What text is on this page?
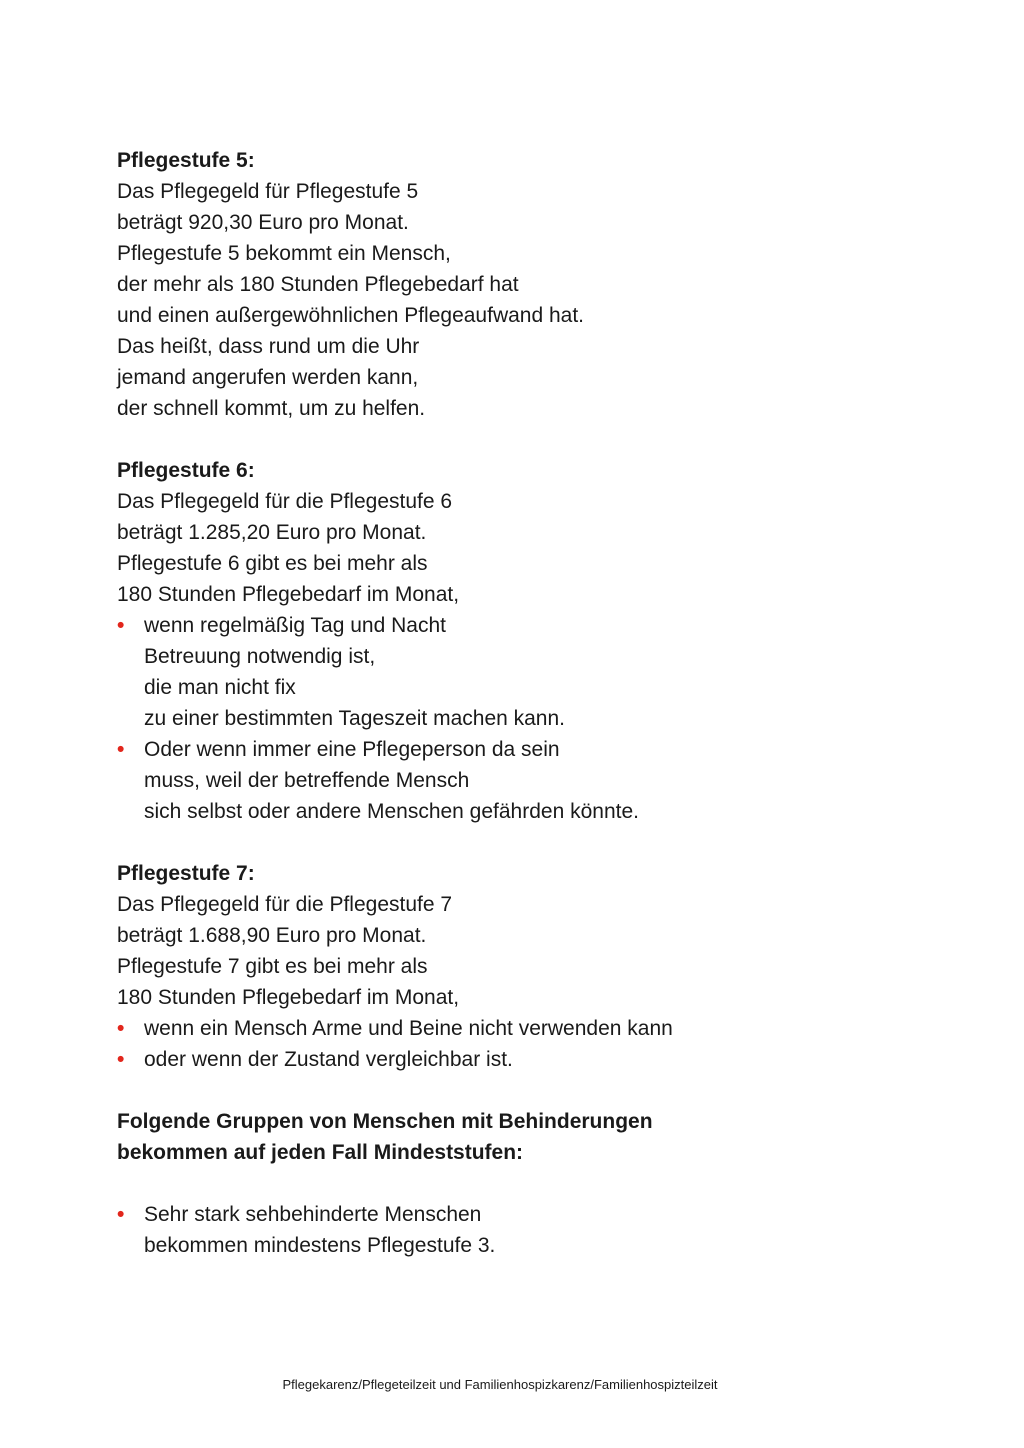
Pflegestufe 5:
Das Pflegegeld für Pflegestufe 5
beträgt 920,30 Euro pro Monat.
Pflegestufe 5 bekommt ein Mensch,
der mehr als 180 Stunden Pflegebedarf hat
und einen außergewöhnlichen Pflegeaufwand hat.
Das heißt, dass rund um die Uhr
jemand angerufen werden kann,
der schnell kommt, um zu helfen.
Pflegestufe 6:
Das Pflegegeld für die Pflegestufe 6
beträgt 1.285,20 Euro pro Monat.
Pflegestufe 6 gibt es bei mehr als
180 Stunden Pflegebedarf im Monat,
• wenn regelmäßig Tag und Nacht
Betreuung notwendig ist,
die man nicht fix
zu einer bestimmten Tageszeit machen kann.
• Oder wenn immer eine Pflegeperson da sein
muss, weil der betreffende Mensch
sich selbst oder andere Menschen gefährden könnte.
Pflegestufe 7:
Das Pflegegeld für die Pflegestufe 7
beträgt 1.688,90 Euro pro Monat.
Pflegestufe 7 gibt es bei mehr als
180 Stunden Pflegebedarf im Monat,
• wenn ein Mensch Arme und Beine nicht verwenden kann
• oder wenn der Zustand vergleichbar ist.
Folgende Gruppen von Menschen mit Behinderungen
bekommen auf jeden Fall Mindeststufen:
• Sehr stark sehbehinderte Menschen
bekommen mindestens Pflegestufe 3.
Pflegekarenz/Pflegeteilzeit und Familienhospizkarenz/Familienhospizteilzeit
